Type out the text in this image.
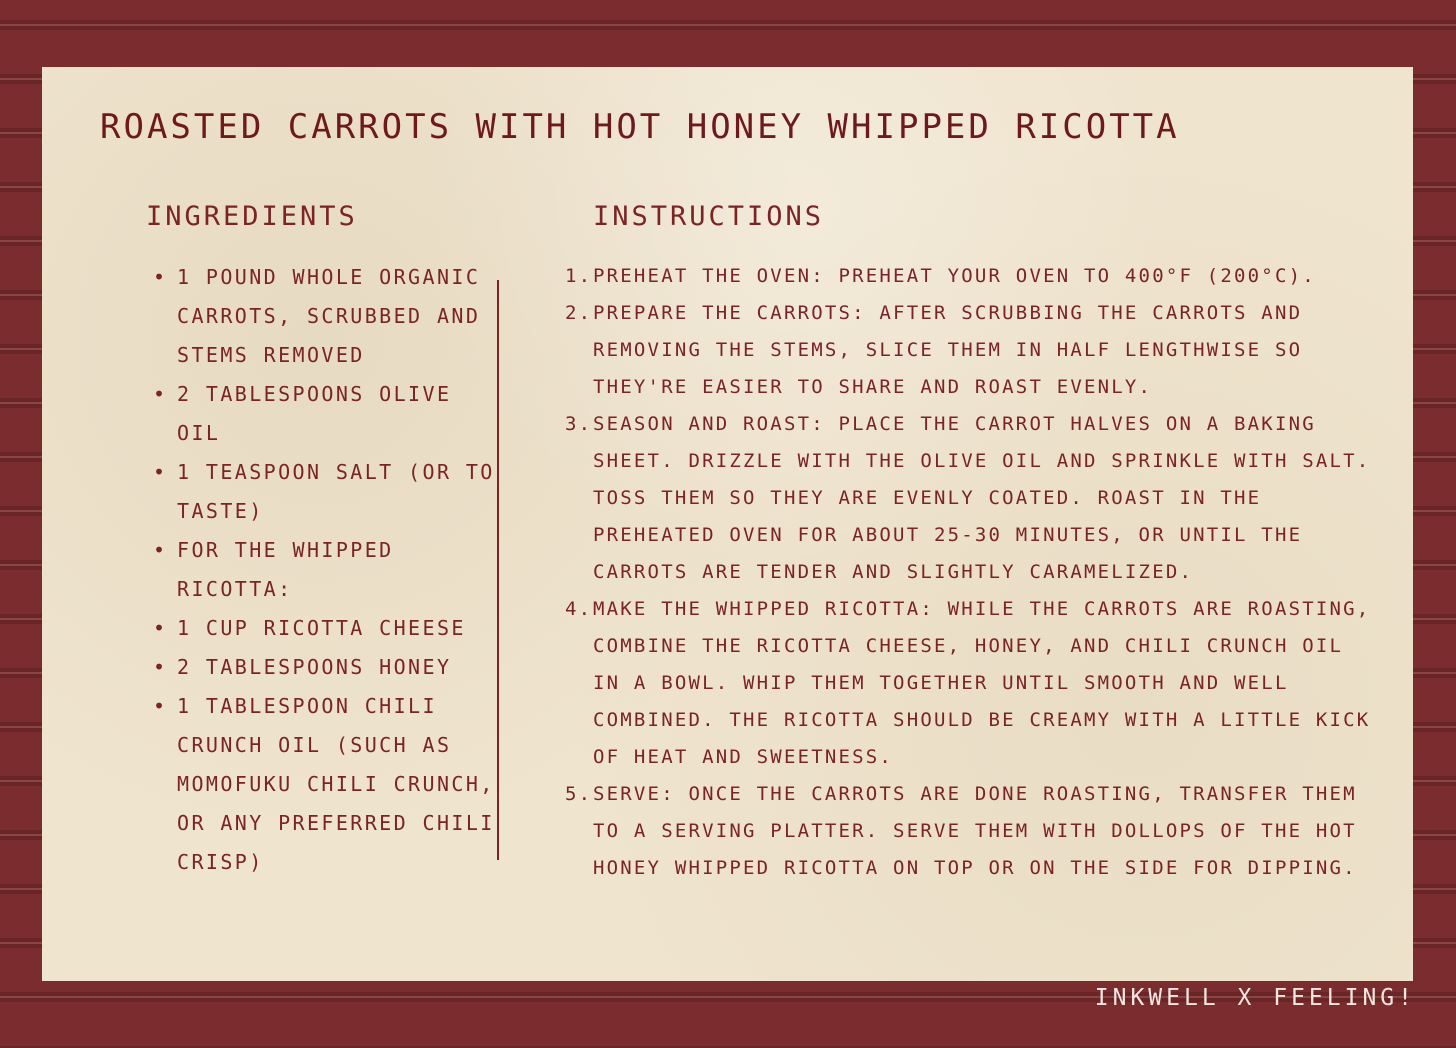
ROASTED CARROTS WITH HOT HONEY WHIPPED RICOTTA
INGREDIENTS
• 1 POUND WHOLE ORGANIC CARROTS, SCRUBBED AND STEMS REMOVED
• 2 TABLESPOONS OLIVE OIL
• 1 TEASPOON SALT (OR TO TASTE)
• FOR THE WHIPPED RICOTTA:
• 1 CUP RICOTTA CHEESE
• 2 TABLESPOONS HONEY
• 1 TABLESPOON CHILI CRUNCH OIL (SUCH AS MOMOFUKU CHILI CRUNCH, OR ANY PREFERRED CHILI CRISP)
INSTRUCTIONS
1. PREHEAT THE OVEN: PREHEAT YOUR OVEN TO 400°F (200°C).
2. PREPARE THE CARROTS: AFTER SCRUBBING THE CARROTS AND REMOVING THE STEMS, SLICE THEM IN HALF LENGTHWISE SO THEY'RE EASIER TO SHARE AND ROAST EVENLY.
3. SEASON AND ROAST: PLACE THE CARROT HALVES ON A BAKING SHEET. DRIZZLE WITH THE OLIVE OIL AND SPRINKLE WITH SALT. TOSS THEM SO THEY ARE EVENLY COATED. ROAST IN THE PREHEATED OVEN FOR ABOUT 25-30 MINUTES, OR UNTIL THE CARROTS ARE TENDER AND SLIGHTLY CARAMELIZED.
4. MAKE THE WHIPPED RICOTTA: WHILE THE CARROTS ARE ROASTING, COMBINE THE RICOTTA CHEESE, HONEY, AND CHILI CRUNCH OIL IN A BOWL. WHIP THEM TOGETHER UNTIL SMOOTH AND WELL COMBINED. THE RICOTTA SHOULD BE CREAMY WITH A LITTLE KICK OF HEAT AND SWEETNESS.
5. SERVE: ONCE THE CARROTS ARE DONE ROASTING, TRANSFER THEM TO A SERVING PLATTER. SERVE THEM WITH DOLLOPS OF THE HOT HONEY WHIPPED RICOTTA ON TOP OR ON THE SIDE FOR DIPPING.
INKWELL X FEELING!
